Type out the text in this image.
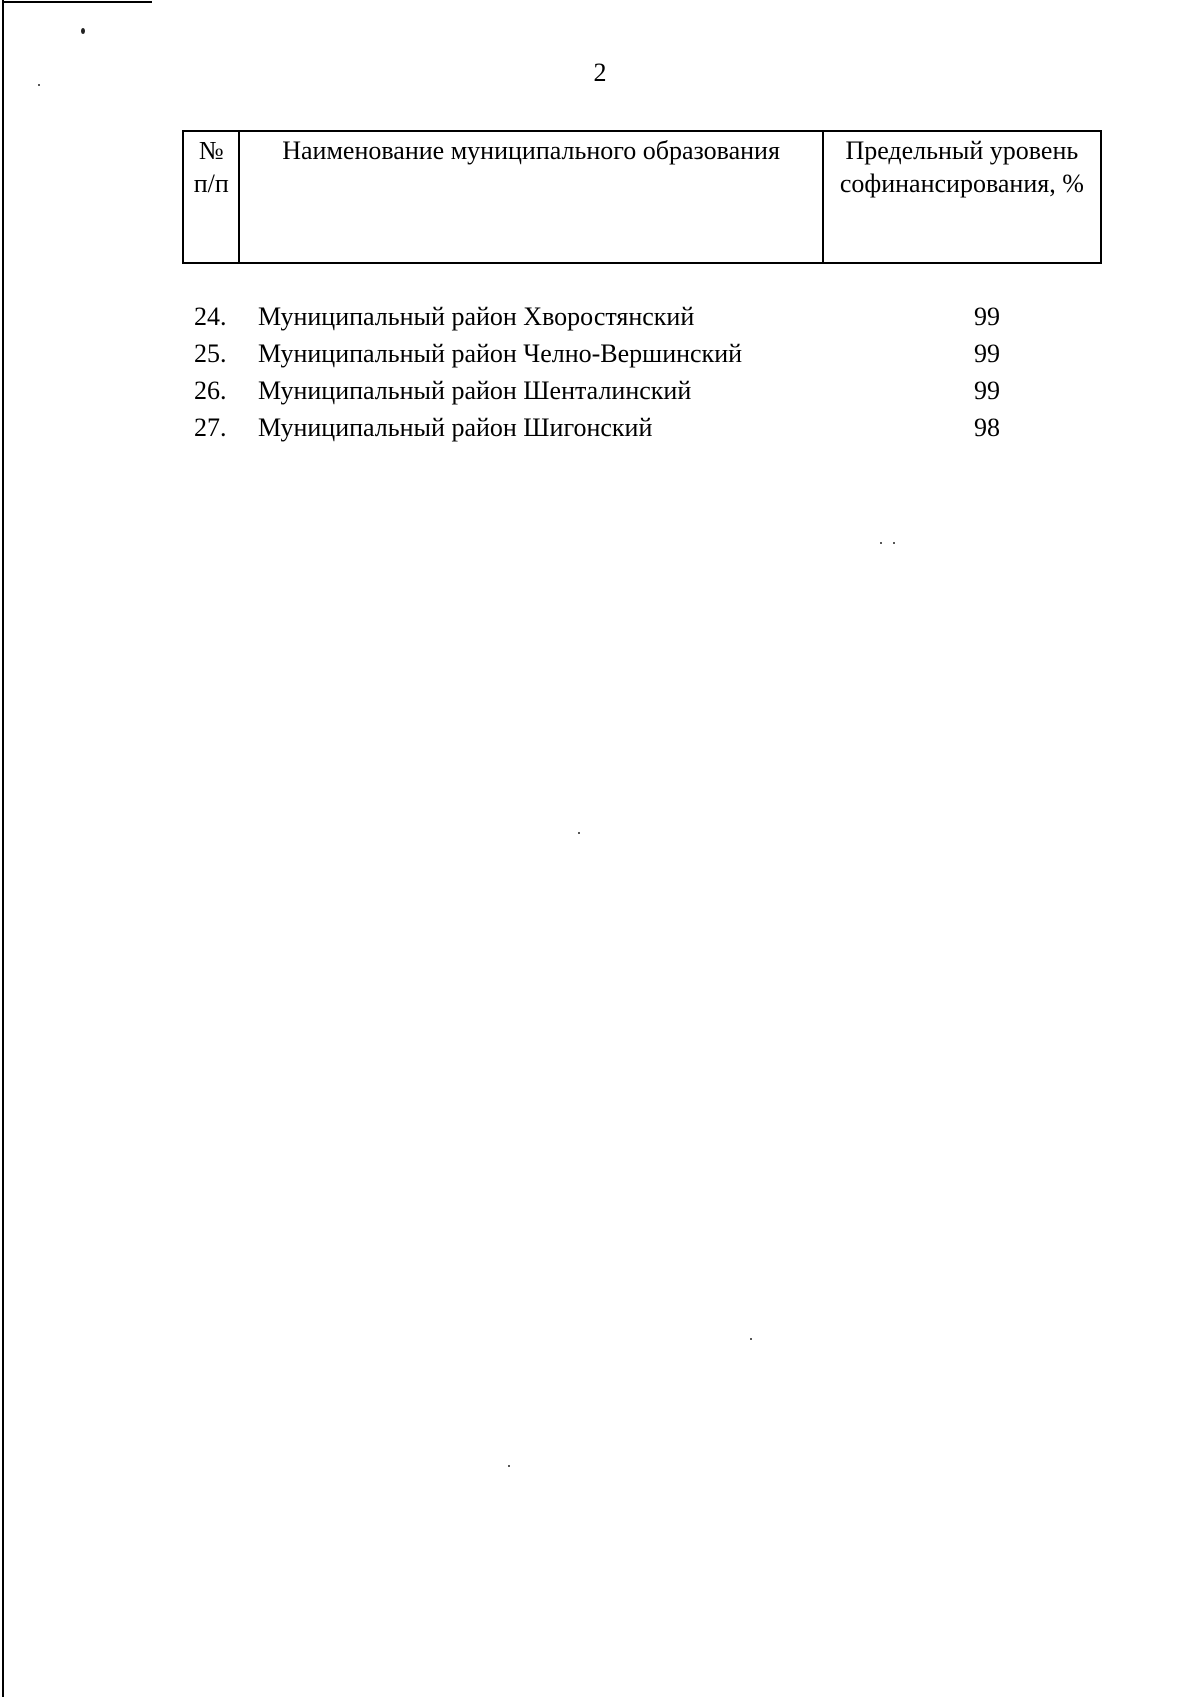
2
№ п/п	Наименование муниципального образования	Предельный уровень софинансирования, %
24. Муниципальный район Хворостянский	99
25. Муниципальный район Челно-Вершинский	99
26. Муниципальный район Шенталинский	99
27. Муниципальный район Шигонский	98
